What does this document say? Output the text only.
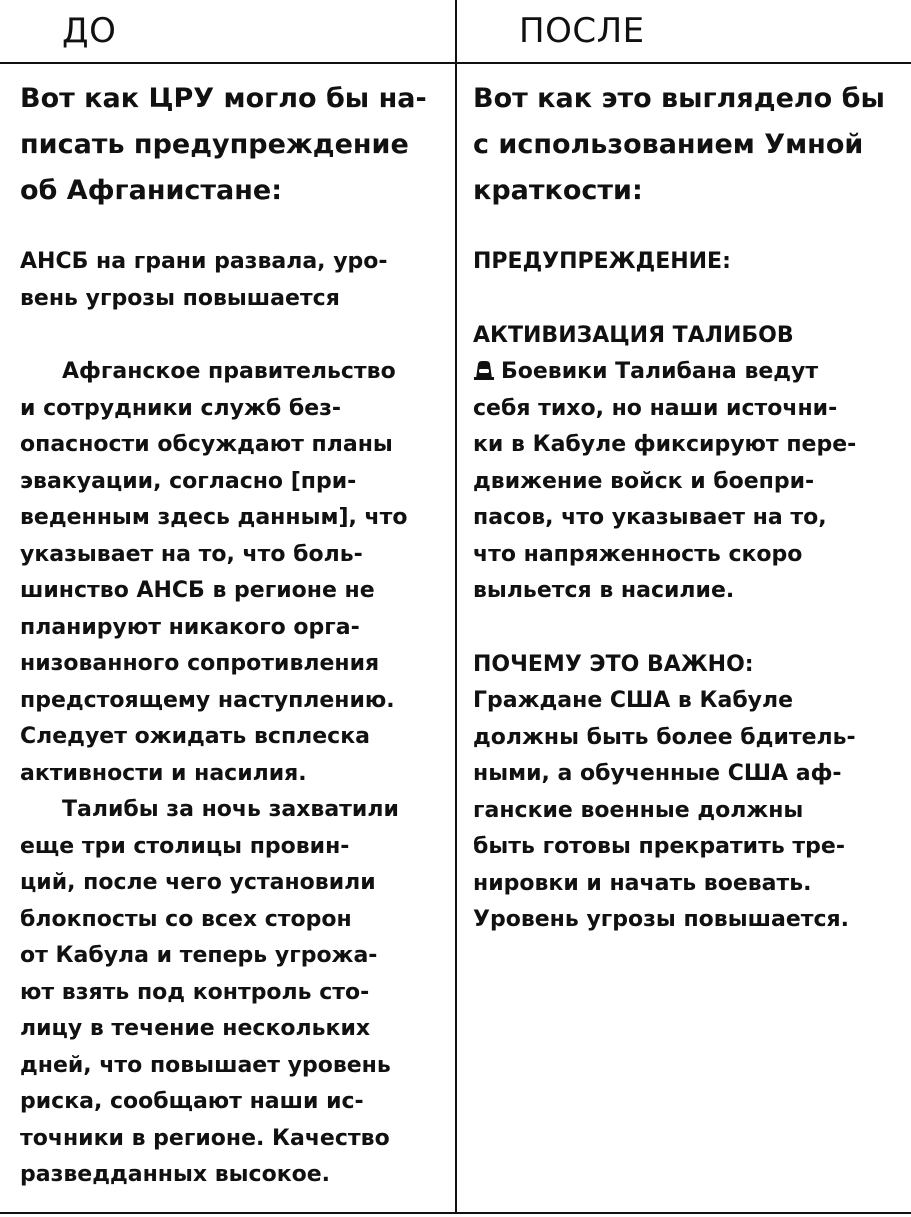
ДО	ПОСЛЕ

Вот как ЦРУ могло бы на-
писать предупреждение
об Афганистане:

АНСБ на грани развала, уро-
вень угрозы повышается

Афганское правительство
и сотрудники служб без-
опасности обсуждают планы
эвакуации, согласно [при-
веденным здесь данным], что
указывает на то, что боль-
шинство АНСБ в регионе не
планируют никакого орга-
низованного сопротивления
предстоящему наступлению.
Следует ожидать всплеска
активности и насилия.

Талибы за ночь захватили
еще три столицы провин-
ций, после чего установили
блокпосты со всех сторон
от Кабула и теперь угрожа-
ют взять под контроль сто-
лицу в течение нескольких
дней, что повышает уровень
риска, сообщают наши ис-
точники в регионе. Качество
разведданных высокое.

Вот как это выглядело бы
с использованием Умной
краткости:

ПРЕДУПРЕЖДЕНИЕ:

АКТИВИЗАЦИЯ ТАЛИБОВ

Боевики Талибана ведут

себя тихо, но наши источни-
ки в Кабуле фиксируют пере-
движение войск и боепри-
пасов, что указывает на то,
что напряженность скоро
выльется в насилие.

ПОЧЕМУ ЭТО ВАЖНО:

Граждане США в Кабуле
должны быть более бдитель-
ными, а обученные США аф-
ганские военные должны
быть готовы прекратить тре-
нировки и начать воевать.
Уровень угрозы повышается.
